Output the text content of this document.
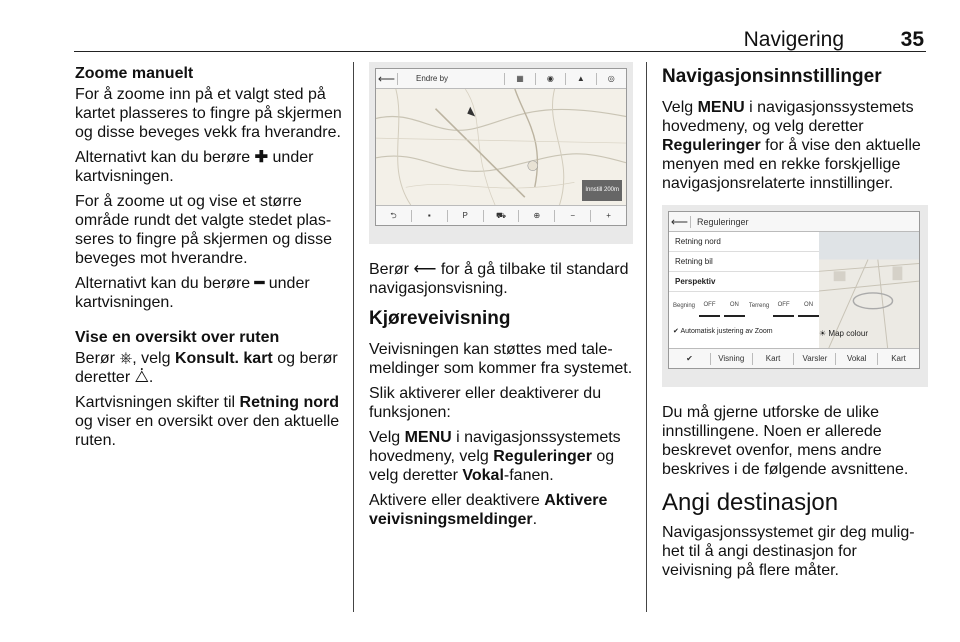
Navigering	35

Zoome manuelt

For å zoome inn på et valgt sted på kartet plasseres to fingre på skjermen og disse beveges vekk fra hverandre.

Alternativt kan du berøre ✚ under kartvisningen.

For å zoome ut og vise et større område rundt det valgte stedet plasseres to fingre på skjermen og disse beveges mot hverandre.

Alternativt kan du berøre ━ under kartvisningen.

Vise en oversikt over ruten

Berør ⎈, velg Konsult. kart og berør deretter ⧊.

Kartvisningen skifter til Retning nord og viser en oversikt over den aktuelle ruten.

⟵	Endre by	▦	◉	▲	◎
Innstill 200m
⮌	▪	P	⛟	⊕	−	+

Berør ⟵ for å gå tilbake til standard navigasjonsvisning.

Kjøreveivisning

Veivisningen kan støttes med talemeldinger som kommer fra systemet.

Slik aktiverer eller deaktiverer du funksjonen:

Velg MENU i navigasjonssystemets hovedmeny, velg Reguleringer og velg deretter Vokal-fanen.

Aktivere eller deaktivere Aktivere veivisningsmeldinger.

Navigasjonsinnstillinger

Velg MENU i navigasjonssystemets hovedmeny, og velg deretter Reguleringer for å vise den aktuelle menyen med en rekke forskjellige navigasjonsrelaterte innstillinger.

⟵ Reguleringer
Retning nord
Retning bil
Perspektiv
Begning	OFF	ON	Terreng	OFF	ON
✔ Automatisk justering av Zoom	☀ Map colour
✔	Visning	Kart	Varsler	Vokal	Kart

Du må gjerne utforske de ulike innstillingene. Noen er allerede beskrevet ovenfor, mens andre beskrives i de følgende avsnittene.

Angi destinasjon

Navigasjonssystemet gir deg mulighet til å angi destinasjon for veivisning på flere måter.
